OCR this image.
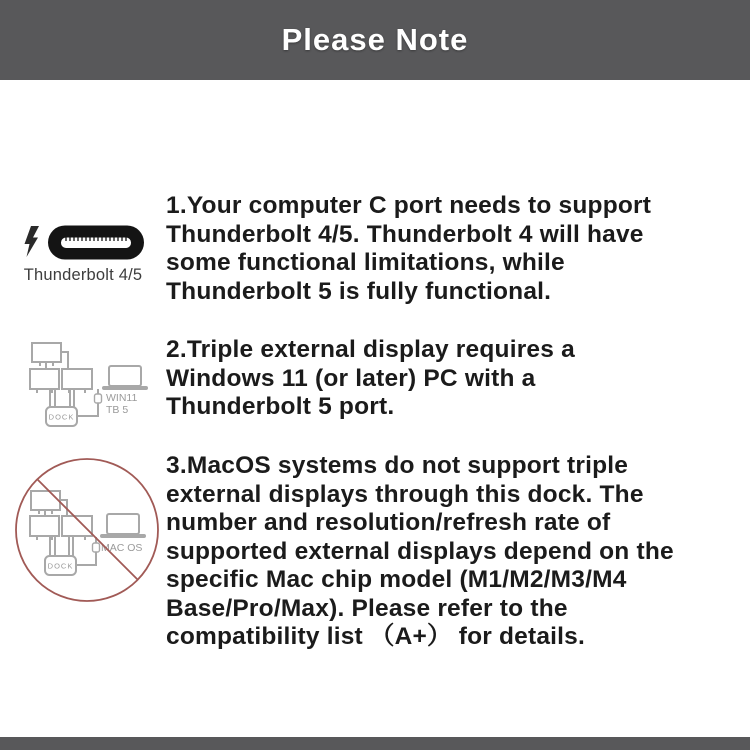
Please Note
Thunderbolt 4/5
1.Your computer C port needs to support
Thunderbolt 4/5. Thunderbolt 4 will have
some functional limitations, while
Thunderbolt 5 is fully functional.
DOCK
WIN11
TB 5
2.Triple external display requires a
Windows 11 (or later) PC with a
Thunderbolt 5 port.
DOCK
MAC OS
3.MacOS systems do not support triple
external displays through this dock. The
number and resolution/refresh rate of
supported external displays depend on the
specific Mac chip model (M1/M2/M3/M4
Base/Pro/Max). Please refer to the
compatibility list （A+） for details.
